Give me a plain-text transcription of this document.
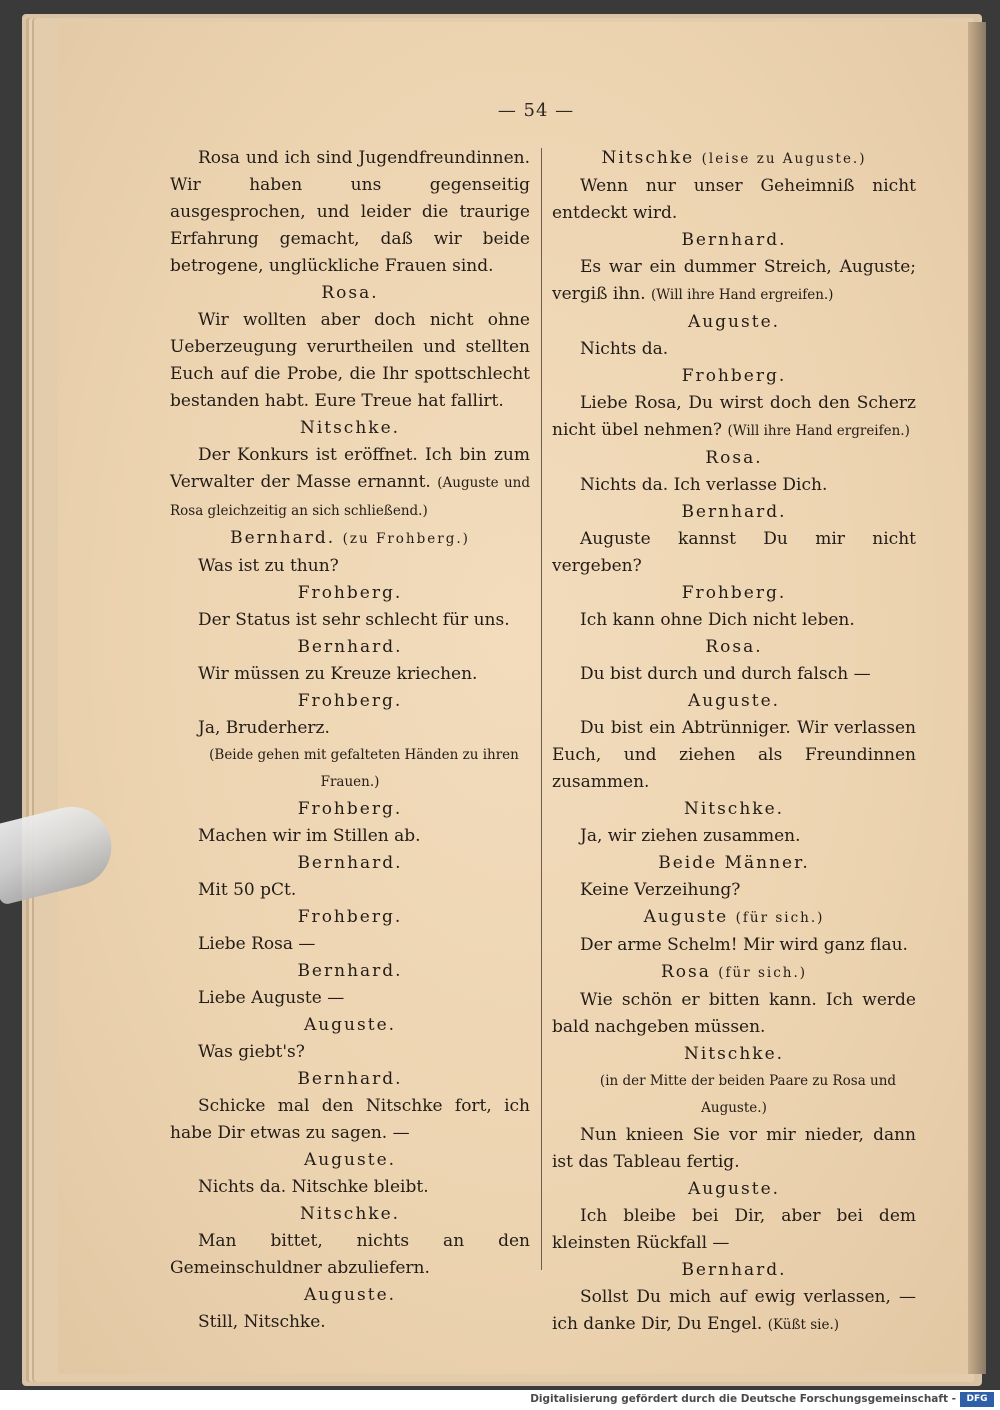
— 54 —
Rosa und ich sind Jugendfreundinnen. Wir haben uns gegenseitig ausgesprochen, und leider die traurige Erfahrung gemacht, daß wir beide betrogene, unglückliche Frauen sind.
Rosa.
Wir wollten aber doch nicht ohne Ueberzeugung verurtheilen und stellten Euch auf die Probe, die Ihr spottschlecht bestanden habt. Eure Treue hat fallirt.
Nitschke.
Der Konkurs ist eröffnet. Ich bin zum Verwalter der Masse ernannt. (Auguste und Rosa gleichzeitig an sich schließend.)
Bernhard. (zu Frohberg.)
Was ist zu thun?
Frohberg.
Der Status ist sehr schlecht für uns.
Bernhard.
Wir müssen zu Kreuze kriechen.
Frohberg.
Ja, Bruderherz.
(Beide gehen mit gefalteten Händen zu ihren Frauen.)
Frohberg.
Machen wir im Stillen ab.
Bernhard.
Mit 50 pCt.
Frohberg.
Liebe Rosa —
Bernhard.
Liebe Auguste —
Auguste.
Was giebt's?
Bernhard.
Schicke mal den Nitschke fort, ich habe Dir etwas zu sagen. —
Auguste.
Nichts da. Nitschke bleibt.
Nitschke.
Man bittet, nichts an den Gemeinschuldner abzuliefern.
Auguste.
Still, Nitschke.
Nitschke (leise zu Auguste.)
Wenn nur unser Geheimniß nicht entdeckt wird.
Bernhard.
Es war ein dummer Streich, Auguste; vergiß ihn. (Will ihre Hand ergreifen.)
Auguste.
Nichts da.
Frohberg.
Liebe Rosa, Du wirst doch den Scherz nicht übel nehmen? (Will ihre Hand ergreifen.)
Rosa.
Nichts da. Ich verlasse Dich.
Bernhard.
Auguste kannst Du mir nicht vergeben?
Frohberg.
Ich kann ohne Dich nicht leben.
Rosa.
Du bist durch und durch falsch —
Auguste.
Du bist ein Abtrünniger. Wir verlassen Euch, und ziehen als Freundinnen zusammen.
Nitschke.
Ja, wir ziehen zusammen.
Beide Männer.
Keine Verzeihung?
Auguste (für sich.)
Der arme Schelm! Mir wird ganz flau.
Rosa (für sich.)
Wie schön er bitten kann. Ich werde bald nachgeben müssen.
Nitschke.
(in der Mitte der beiden Paare zu Rosa und Auguste.)
Nun knieen Sie vor mir nieder, dann ist das Tableau fertig.
Auguste.
Ich bleibe bei Dir, aber bei dem kleinsten Rückfall —
Bernhard.
Sollst Du mich auf ewig verlassen, — ich danke Dir, Du Engel. (Küßt sie.)
Digitalisierung gefördert durch die Deutsche Forschungsgemeinschaft -	DFG
